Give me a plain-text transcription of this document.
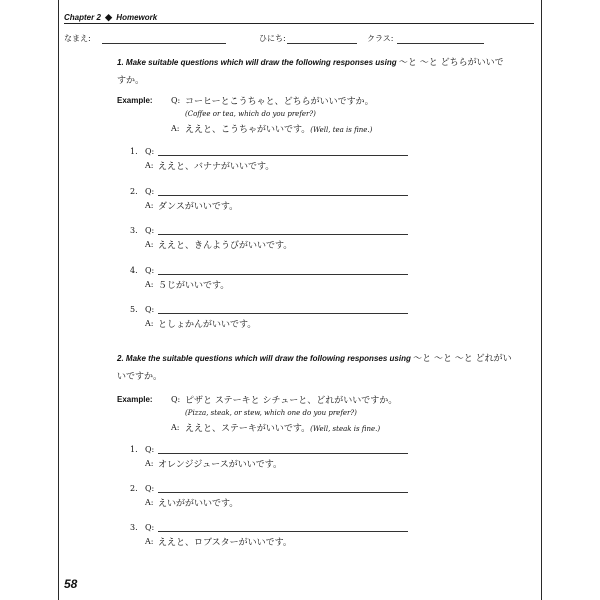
Chapter 2 ◆ Homework
なまえ:	ひにち:	クラス:
1. Make suitable questions which will draw the following responses using 〜と 〜と どちらがいいですか。
Example: Q: コーヒーとこうちゃと、どちらがいいですか。
(Coffee or tea, which do you prefer?)
A: ええと、こうちゃがいいです。(Well, tea is fine.)
1. Q:
A: ええと、バナナがいいです。
2. Q:
A: ダンスがいいです。
3. Q:
A: ええと、きんようびがいいです。
4. Q:
A: ５じがいいです。
5. Q:
A: としょかんがいいです。
2. Make the suitable questions which will draw the following responses using 〜と 〜と 〜と どれがいいですか。
Example: Q: ピザと ステーキと シチューと、どれがいいですか。
(Pizza, steak, or stew, which one do you prefer?)
A: ええと、ステーキがいいです。(Well, steak is fine.)
1. Q:
A: オレンジジュースがいいです。
2. Q:
A: えいががいいです。
3. Q:
A: ええと、ロブスターがいいです。
58
